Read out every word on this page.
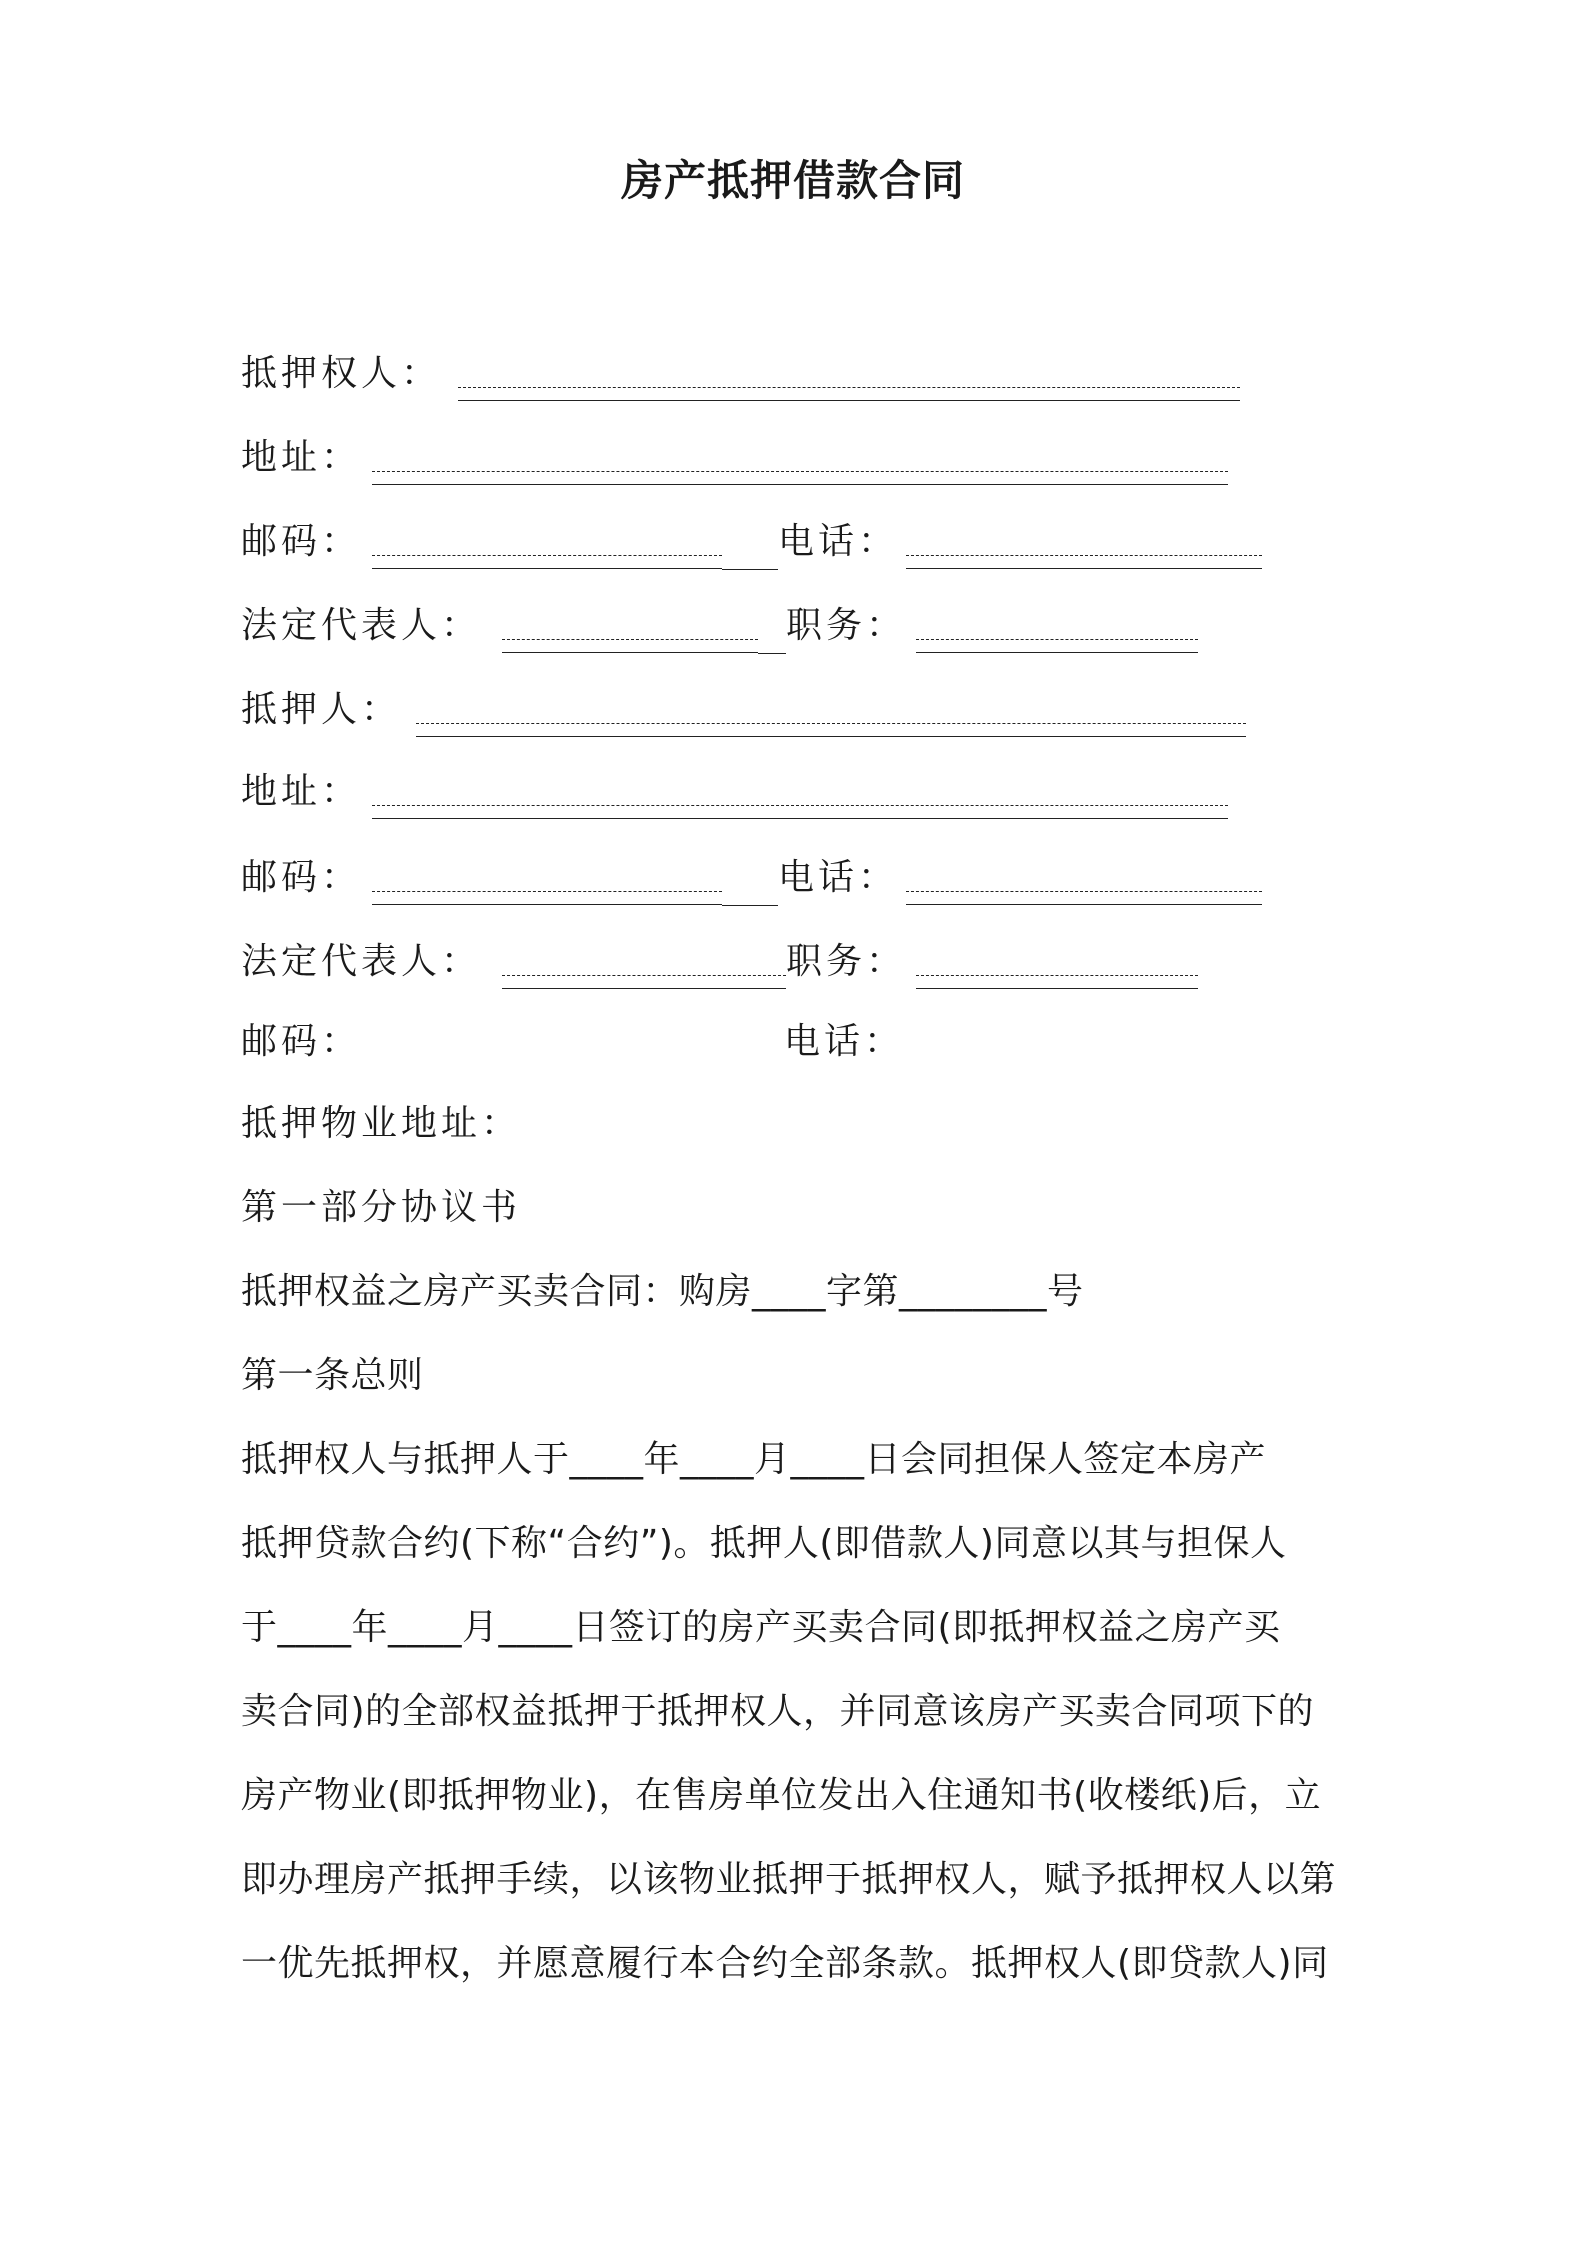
房产抵押借款合同
抵押权人：
地址：
邮码：	电话：
法定代表人：	职务：
抵押人：
地址：
邮码：	电话：
法定代表人：	职务：
邮码：	电话：
抵押物业地址：
第一部分协议书
抵押权益之房产买卖合同：购房____字第________号
第一条总则
抵押权人与抵押人于____年____月____日会同担保人签定本房产
抵押贷款合约(下称“合约”)。抵押人(即借款人)同意以其与担保人
于____年____月____日签订的房产买卖合同(即抵押权益之房产买
卖合同)的全部权益抵押于抵押权人，并同意该房产买卖合同项下的
房产物业(即抵押物业)，在售房单位发出入住通知书(收楼纸)后，立
即办理房产抵押手续，以该物业抵押于抵押权人，赋予抵押权人以第
一优先抵押权，并愿意履行本合约全部条款。抵押权人(即贷款人)同
